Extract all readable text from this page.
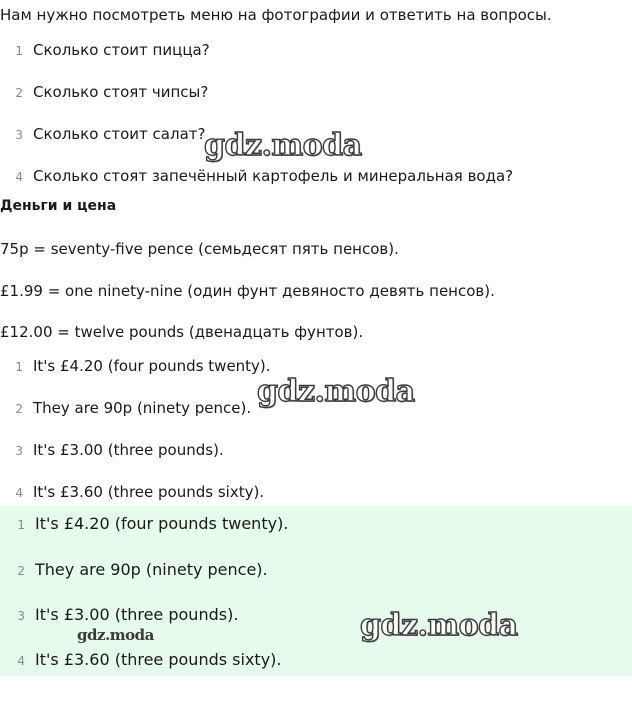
Нам нужно посмотреть меню на фотографии и ответить на вопросы.
1 Сколько стоит пицца?
2 Сколько стоят чипсы?
3 Сколько стоит салат?
4 Сколько стоят запечённый картофель и минеральная вода?
Деньги и цена
75p = seventy-five pence (семьдесят пять пенсов).
£1.99 = one ninety-nine (один фунт девяносто девять пенсов).
£12.00 = twelve pounds (двенадцать фунтов).
1 It's £4.20 (four pounds twenty).
2 They are 90p (ninety pence).
3 It's £3.00 (three pounds).
4 It's £3.60 (three pounds sixty).
1 It's £4.20 (four pounds twenty).
2 They are 90p (ninety pence).
3 It's £3.00 (three pounds).
4 It's £3.60 (three pounds sixty).
gdz.moda
gdz.moda
gdz.moda
gdz.moda
